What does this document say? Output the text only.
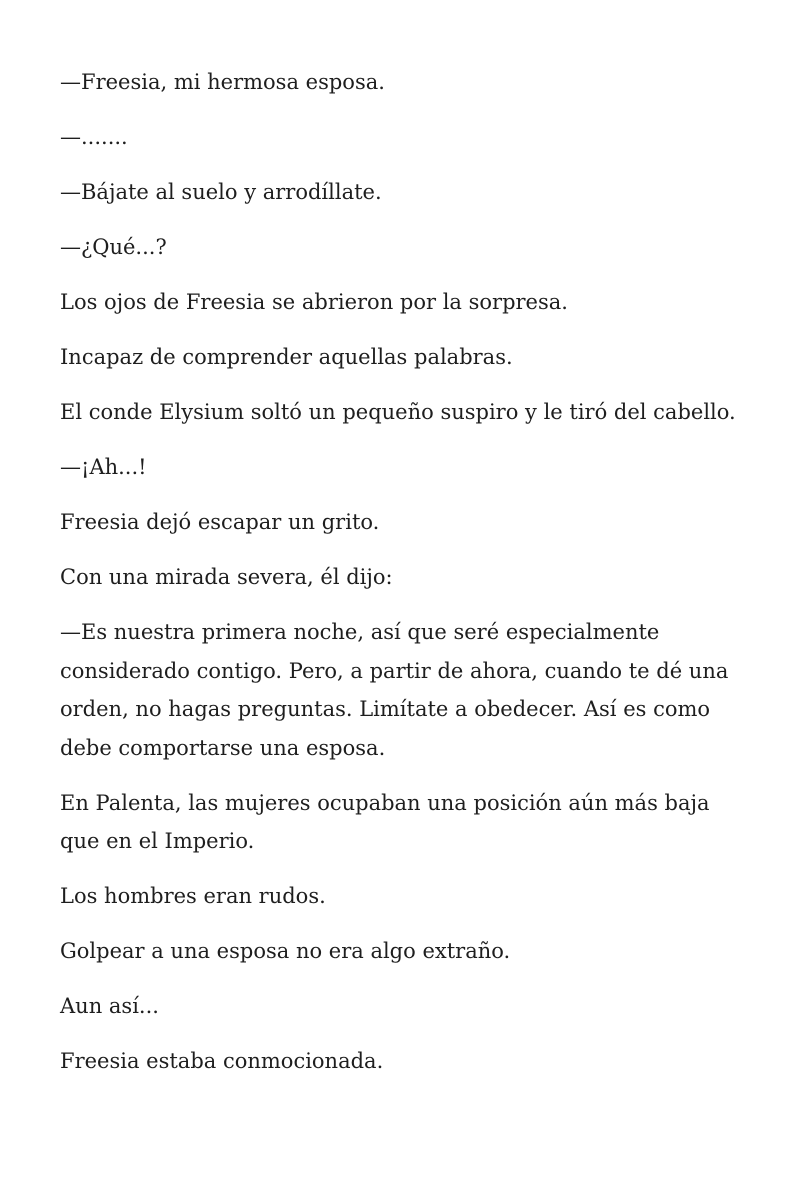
—Freesia, mi hermosa esposa.

—.......

—Bájate al suelo y arrodíllate.

—¿Qué...?

Los ojos de Freesia se abrieron por la sorpresa.

Incapaz de comprender aquellas palabras.

El conde Elysium soltó un pequeño suspiro y le tiró del cabello.

—¡Ah...!

Freesia dejó escapar un grito.

Con una mirada severa, él dijo:

—Es nuestra primera noche, así que seré especialmente considerado contigo. Pero, a partir de ahora, cuando te dé una orden, no hagas preguntas. Limítate a obedecer. Así es como debe comportarse una esposa.

En Palenta, las mujeres ocupaban una posición aún más baja que en el Imperio.

Los hombres eran rudos.

Golpear a una esposa no era algo extraño.

Aun así...

Freesia estaba conmocionada.
